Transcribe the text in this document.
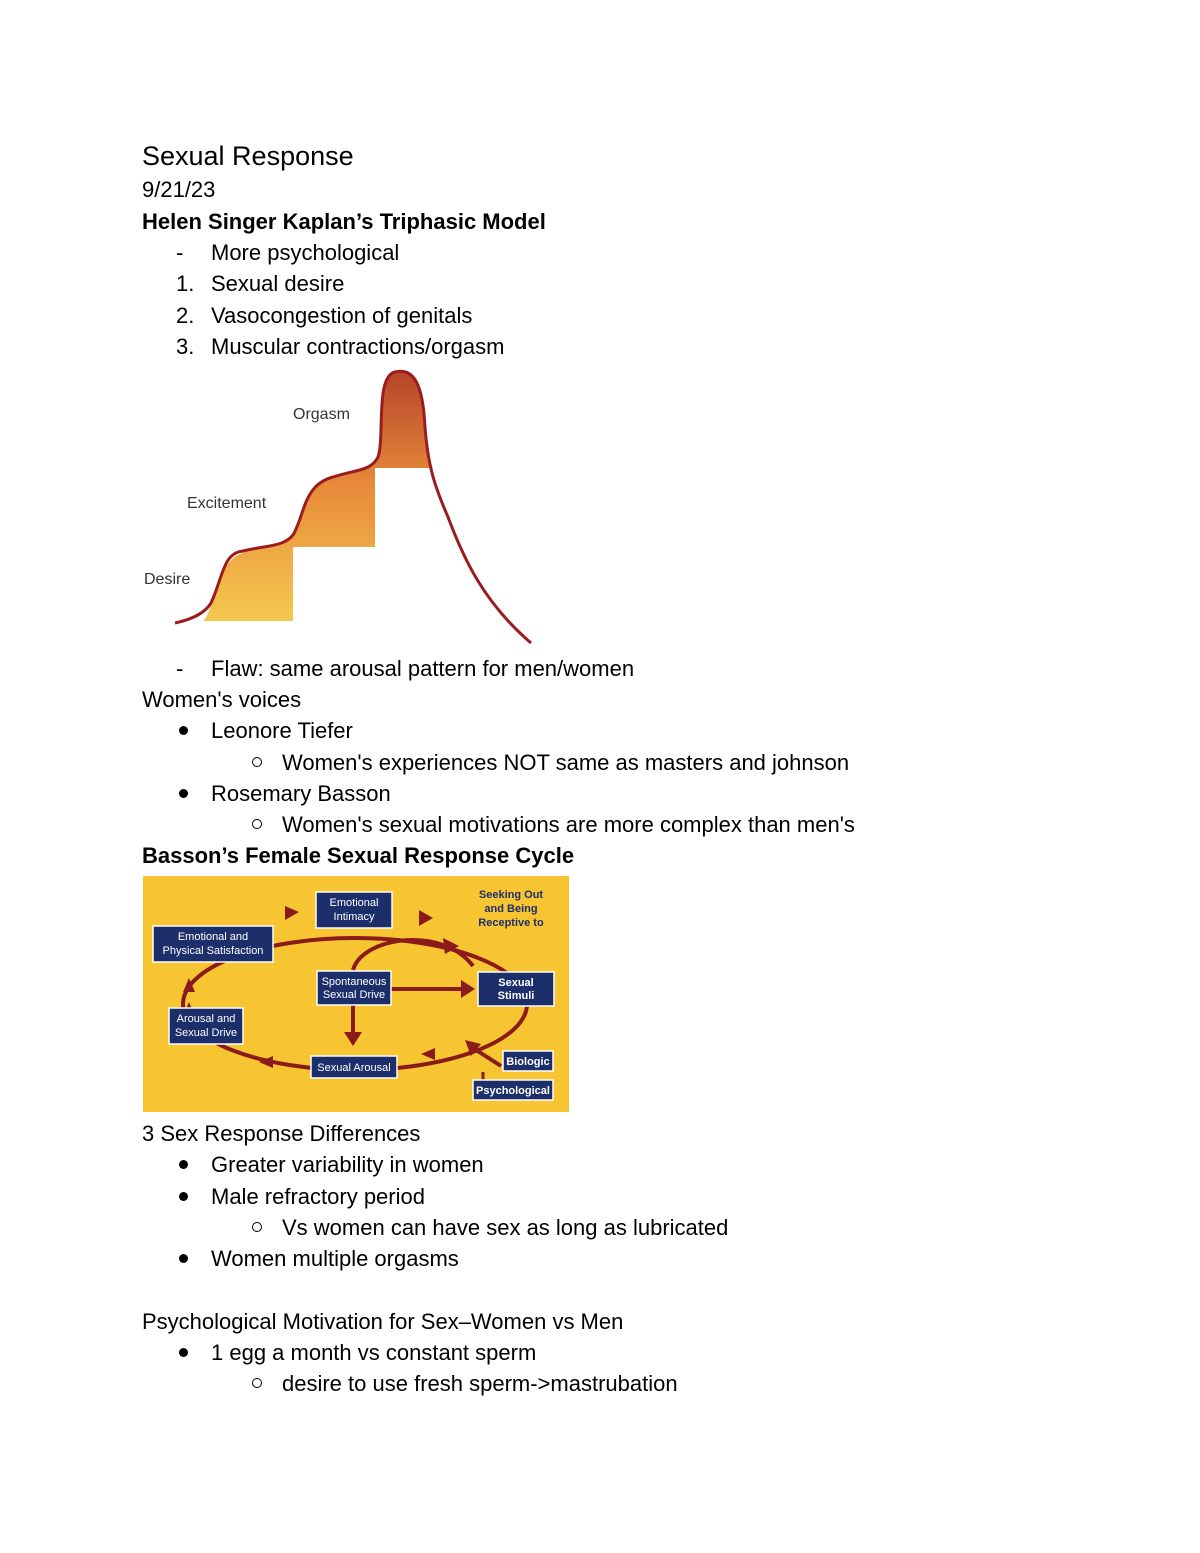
Sexual Response
9/21/23
Helen Singer Kaplan’s Triphasic Model
- More psychological
1. Sexual desire
2. Vasocongestion of genitals
3. Muscular contractions/orgasm
Orgasm
Excitement
Desire
- Flaw: same arousal pattern for men/women
Women's voices
Leonore Tiefer
Women's experiences NOT same as masters and johnson
Rosemary Basson
Women's sexual motivations are more complex than men's
Basson’s Female Sexual Response Cycle
Emotional
Intimacy
Emotional and
Physical Satisfaction
Spontaneous
Sexual Drive
Sexual
Stimuli
Arousal and
Sexual Drive
Sexual Arousal	Biologic
Psychological
Seeking Out
and Being
Receptive to
3 Sex Response Differences
Greater variability in women
Male refractory period
Vs women can have sex as long as lubricated
Women multiple orgasms
Psychological Motivation for Sex–Women vs Men
1 egg a month vs constant sperm
desire to use fresh sperm->mastrubation
